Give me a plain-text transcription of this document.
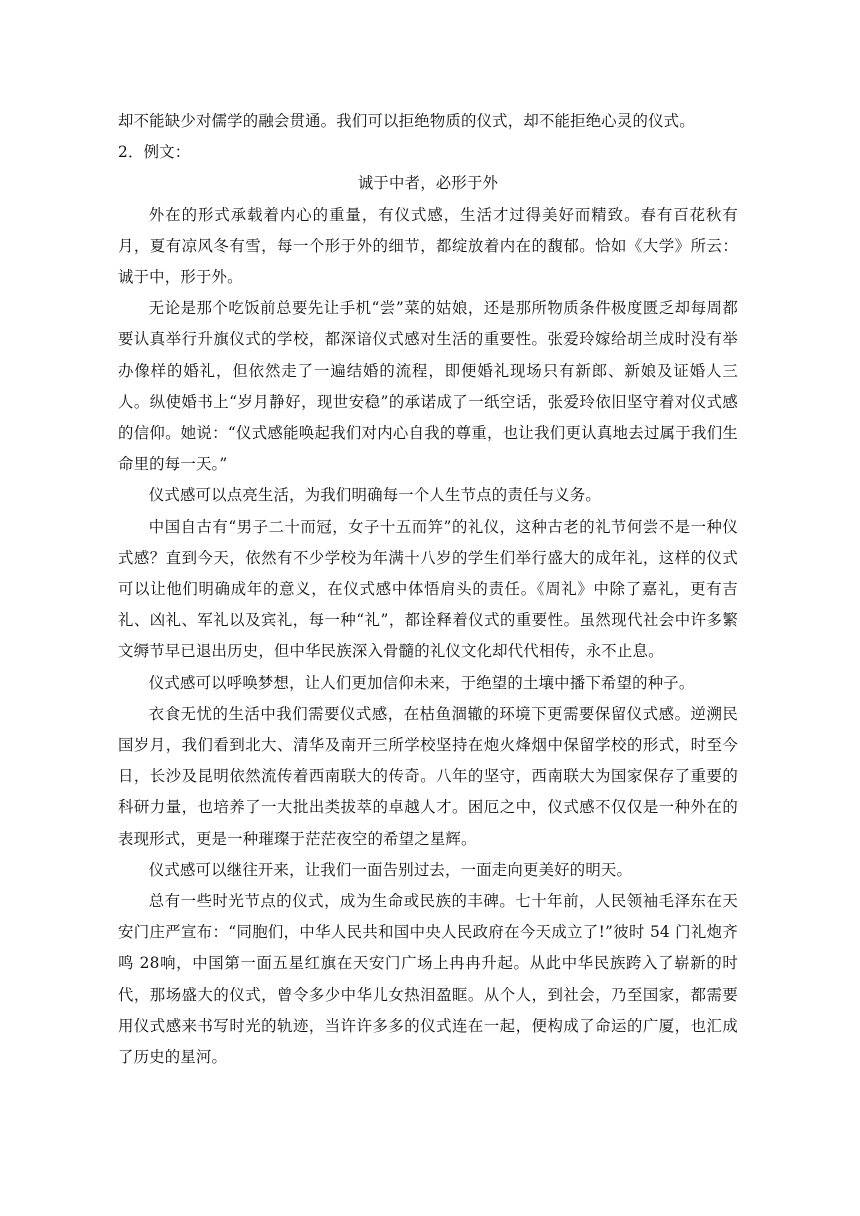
却不能缺少对儒学的融会贯通。我们可以拒绝物质的仪式，却不能拒绝心灵的仪式。

2．例文：

诚于中者，必形于外

外在的形式承载着内心的重量，有仪式感，生活才过得美好而精致。春有百花秋有月，夏有凉风冬有雪，每一个形于外的细节，都绽放着内在的馥郁。恰如《大学》所云：诚于中，形于外。

无论是那个吃饭前总要先让手机“尝”菜的姑娘，还是那所物质条件极度匮乏却每周都要认真举行升旗仪式的学校，都深谙仪式感对生活的重要性。张爱玲嫁给胡兰成时没有举办像样的婚礼，但依然走了一遍结婚的流程，即便婚礼现场只有新郎、新娘及证婚人三人。纵使婚书上“岁月静好，现世安稳”的承诺成了一纸空话，张爱玲依旧坚守着对仪式感的信仰。她说：“仪式感能唤起我们对内心自我的尊重，也让我们更认真地去过属于我们生命里的每一天。”

仪式感可以点亮生活，为我们明确每一个人生节点的责任与义务。

中国自古有“男子二十而冠，女子十五而笄”的礼仪，这种古老的礼节何尝不是一种仪式感？直到今天，依然有不少学校为年满十八岁的学生们举行盛大的成年礼，这样的仪式可以让他们明确成年的意义，在仪式感中体悟肩头的责任。《周礼》中除了嘉礼，更有吉礼、凶礼、军礼以及宾礼，每一种“礼”，都诠释着仪式的重要性。虽然现代社会中许多繁文缛节早已退出历史，但中华民族深入骨髓的礼仪文化却代代相传，永不止息。

仪式感可以呼唤梦想，让人们更加信仰未来，于绝望的土壤中播下希望的种子。

衣食无忧的生活中我们需要仪式感，在枯鱼涸辙的环境下更需要保留仪式感。逆溯民国岁月，我们看到北大、清华及南开三所学校坚持在炮火烽烟中保留学校的形式，时至今日，长沙及昆明依然流传着西南联大的传奇。八年的坚守，西南联大为国家保存了重要的科研力量，也培养了一大批出类拔萃的卓越人才。困厄之中，仪式感不仅仅是一种外在的表现形式，更是一种璀璨于茫茫夜空的希望之星辉。

仪式感可以继往开来，让我们一面告别过去，一面走向更美好的明天。

总有一些时光节点的仪式，成为生命或民族的丰碑。七十年前，人民领袖毛泽东在天安门庄严宣布：“同胞们，中华人民共和国中央人民政府在今天成立了!”彼时 54 门礼炮齐鸣 28响，中国第一面五星红旗在天安门广场上冉冉升起。从此中华民族跨入了崭新的时代，那场盛大的仪式，曾令多少中华儿女热泪盈眶。从个人，到社会，乃至国家，都需要用仪式感来书写时光的轨迹，当许许多多的仪式连在一起，便构成了命运的广厦，也汇成了历史的星河。
